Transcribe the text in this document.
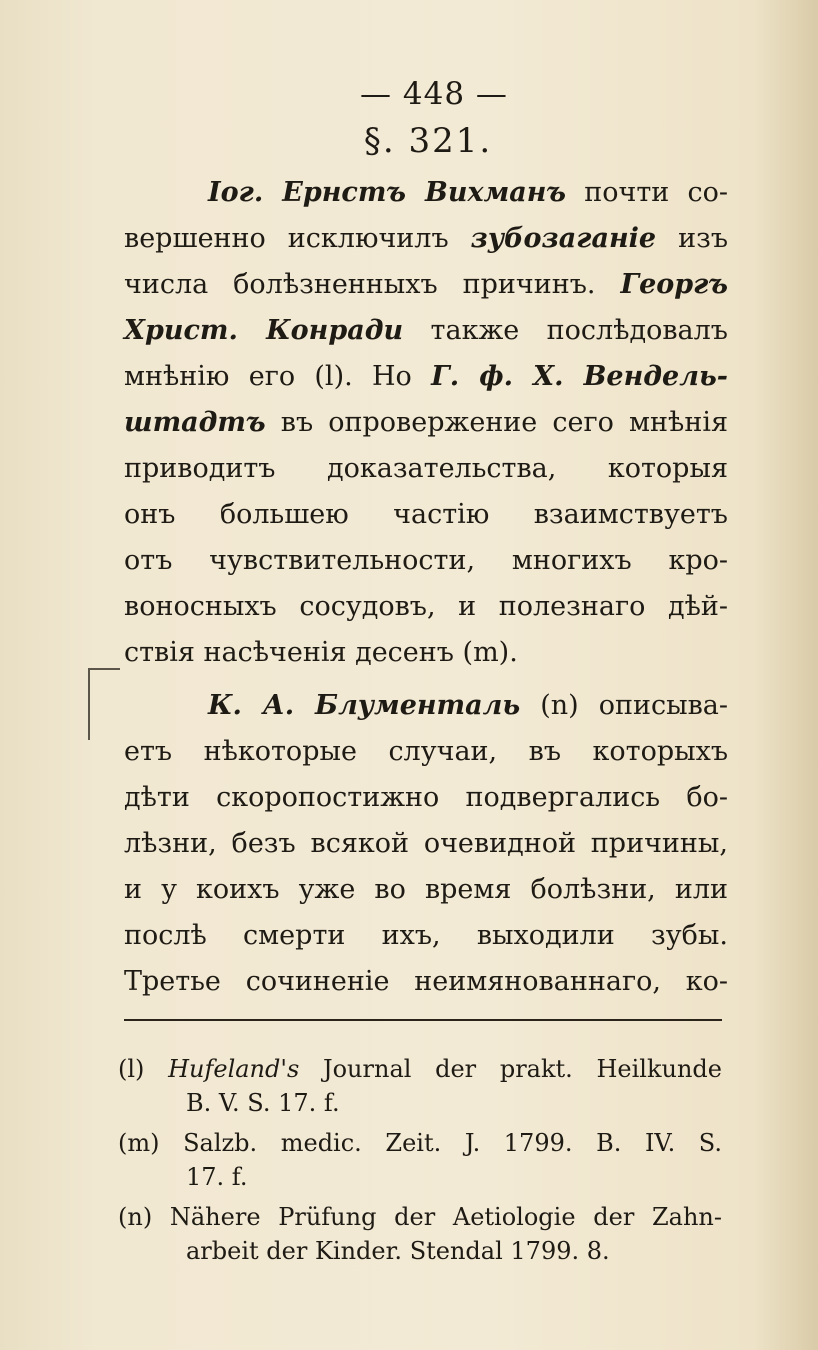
— 448 —
§. 321.
Іог. Ернстъ Вихманъ почти со-
вершенно исключилъ зубозаганіе изъ
числа болѣзненныхъ причинъ. Георгъ
Христ. Конради также послѣдовалъ
мнѣнію его (l). Но Г. ф. Х. Вендель-
штадтъ въ опровержение сего мнѣнія
приводитъ доказательства, которыя
онъ большею частію взаимствуетъ
отъ чувствительности, многихъ кро-
воносныхъ сосудовъ, и полезнаго дѣй-
ствія насѣченія десенъ (m).
К. А. Блументаль (n) описыва-
етъ нѣкоторые случаи, въ которыхъ
дѣти скоропостижно подвергались бо-
лѣзни, безъ всякой очевидной причины,
и у коихъ уже во время болѣзни, или
послѣ смерти ихъ, выходили зубы.
Третье сочиненіе неимянованнаго, ко-
(l) Hufeland's Journal der prakt. Heilkunde
B. V. S. 17. f.
(m) Salzb. medic. Zeit. J. 1799. B. IV. S.
17. f.
(n) Nähere Prüfung der Aetiologie der Zahn-
arbeit der Kinder. Stendal 1799. 8.
